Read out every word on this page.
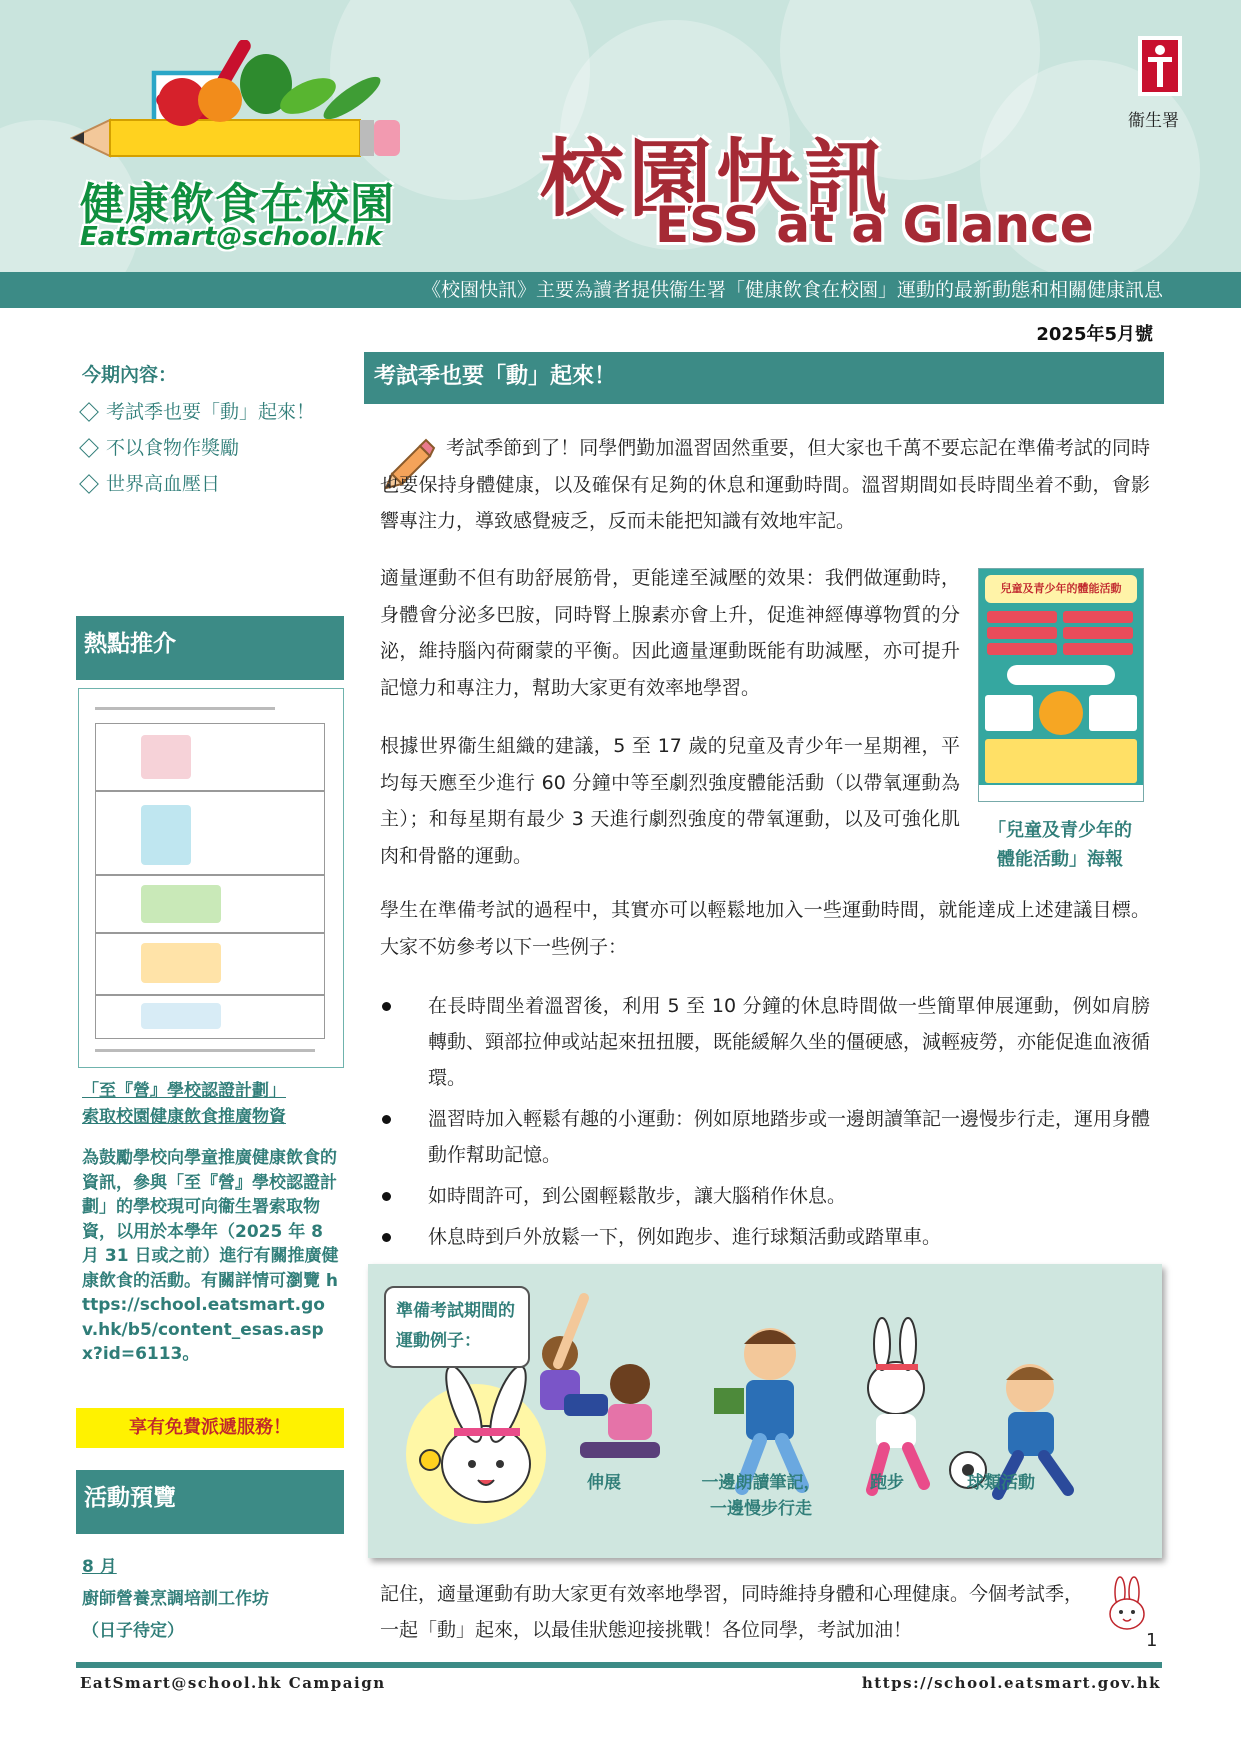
健康飲食在校園
EatSmart@school.hk
校園快訊
ESS at a Glance
衞生署
《校園快訊》主要為讀者提供衞生署「健康飲食在校園」運動的最新動態和相關健康訊息
2025年5月號
今期內容：
考試季也要「動」起來！
不以食物作獎勵
世界高血壓日
熱點推介
「至『營』學校認證計劃」
索取校園健康飲食推廣物資
為鼓勵學校向學童推廣健康飲食的資訊，參與「至『營』學校認證計劃」的學校現可向衞生署索取物資，以用於本學年（2025 年 8 月 31 日或之前）進行有關推廣健康飲食的活動。有關詳情可瀏覽 https://school.eatsmart.gov.hk/b5/content_esas.aspx?id=6113。
享有免費派遞服務！
活動預覽
8 月
廚師營養烹調培訓工作坊
（日子待定）
考試季也要「動」起來！
考試季節到了！同學們勤加溫習固然重要，但大家也千萬不要忘記在準備考試的同時也要保持身體健康，以及確保有足夠的休息和運動時間。溫習期間如長時間坐着不動，會影響專注力，導致感覺疲乏，反而未能把知識有效地牢記。
適量運動不但有助舒展筋骨，更能達至減壓的效果：我們做運動時，身體會分泌多巴胺，同時腎上腺素亦會上升，促進神經傳導物質的分泌，維持腦內荷爾蒙的平衡。因此適量運動既能有助減壓，亦可提升記憶力和專注力，幫助大家更有效率地學習。
兒童及青少年的體能活動
「兒童及青少年的體能活動」海報
根據世界衞生組織的建議，5 至 17 歲的兒童及青少年一星期裡，平均每天應至少進行 60 分鐘中等至劇烈強度體能活動（以帶氧運動為主）；和每星期有最少 3 天進行劇烈強度的帶氧運動，以及可強化肌肉和骨骼的運動。
學生在準備考試的過程中，其實亦可以輕鬆地加入一些運動時間，就能達成上述建議目標。大家不妨參考以下一些例子：
在長時間坐着溫習後，利用 5 至 10 分鐘的休息時間做一些簡單伸展運動，例如肩膀轉動、頸部拉伸或站起來扭扭腰，既能緩解久坐的僵硬感，減輕疲勞，亦能促進血液循環。
溫習時加入輕鬆有趣的小運動：例如原地踏步或一邊朗讀筆記一邊慢步行走，運用身體動作幫助記憶。
如時間許可，到公園輕鬆散步，讓大腦稍作休息。
休息時到戶外放鬆一下，例如跑步、進行球類活動或踏單車。
伸展	一邊朗讀筆記，一邊慢步行走
跑步	球類活動
準備考試期間的運動例子：
記住，適量運動有助大家更有效率地學習，同時維持身體和心理健康。今個考試季，一起「動」起來，以最佳狀態迎接挑戰！各位同學，考試加油！	1
EatSmart@school.hk Campaign	https://school.eatsmart.gov.hk
